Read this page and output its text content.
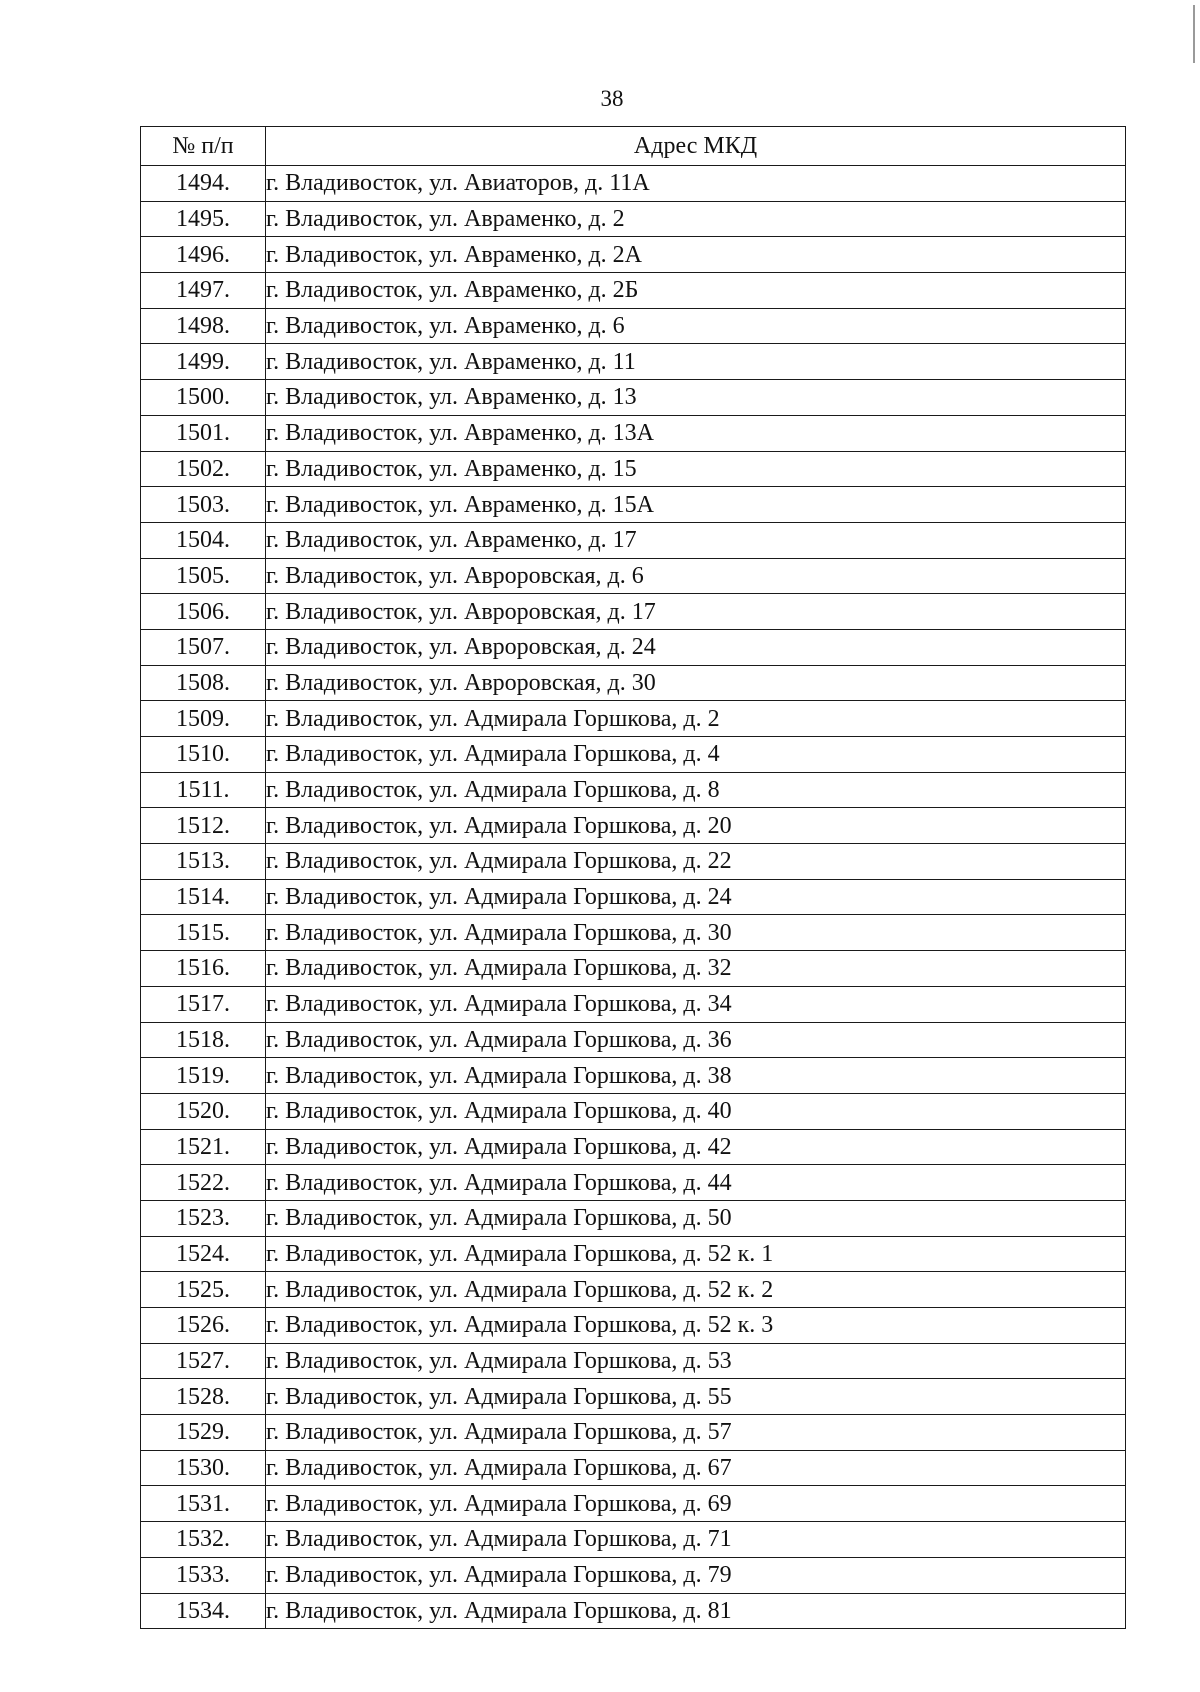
38
№ п/п	Адрес МКД
1494.	г. Владивосток, ул. Авиаторов, д. 11А
1495.	г. Владивосток, ул. Авраменко, д. 2
1496.	г. Владивосток, ул. Авраменко, д. 2А
1497.	г. Владивосток, ул. Авраменко, д. 2Б
1498.	г. Владивосток, ул. Авраменко, д. 6
1499.	г. Владивосток, ул. Авраменко, д. 11
1500.	г. Владивосток, ул. Авраменко, д. 13
1501.	г. Владивосток, ул. Авраменко, д. 13А
1502.	г. Владивосток, ул. Авраменко, д. 15
1503.	г. Владивосток, ул. Авраменко, д. 15А
1504.	г. Владивосток, ул. Авраменко, д. 17
1505.	г. Владивосток, ул. Авроровская, д. 6
1506.	г. Владивосток, ул. Авроровская, д. 17
1507.	г. Владивосток, ул. Авроровская, д. 24
1508.	г. Владивосток, ул. Авроровская, д. 30
1509.	г. Владивосток, ул. Адмирала Горшкова, д. 2
1510.	г. Владивосток, ул. Адмирала Горшкова, д. 4
1511.	г. Владивосток, ул. Адмирала Горшкова, д. 8
1512.	г. Владивосток, ул. Адмирала Горшкова, д. 20
1513.	г. Владивосток, ул. Адмирала Горшкова, д. 22
1514.	г. Владивосток, ул. Адмирала Горшкова, д. 24
1515.	г. Владивосток, ул. Адмирала Горшкова, д. 30
1516.	г. Владивосток, ул. Адмирала Горшкова, д. 32
1517.	г. Владивосток, ул. Адмирала Горшкова, д. 34
1518.	г. Владивосток, ул. Адмирала Горшкова, д. 36
1519.	г. Владивосток, ул. Адмирала Горшкова, д. 38
1520.	г. Владивосток, ул. Адмирала Горшкова, д. 40
1521.	г. Владивосток, ул. Адмирала Горшкова, д. 42
1522.	г. Владивосток, ул. Адмирала Горшкова, д. 44
1523.	г. Владивосток, ул. Адмирала Горшкова, д. 50
1524.	г. Владивосток, ул. Адмирала Горшкова, д. 52 к. 1
1525.	г. Владивосток, ул. Адмирала Горшкова, д. 52 к. 2
1526.	г. Владивосток, ул. Адмирала Горшкова, д. 52 к. 3
1527.	г. Владивосток, ул. Адмирала Горшкова, д. 53
1528.	г. Владивосток, ул. Адмирала Горшкова, д. 55
1529.	г. Владивосток, ул. Адмирала Горшкова, д. 57
1530.	г. Владивосток, ул. Адмирала Горшкова, д. 67
1531.	г. Владивосток, ул. Адмирала Горшкова, д. 69
1532.	г. Владивосток, ул. Адмирала Горшкова, д. 71
1533.	г. Владивосток, ул. Адмирала Горшкова, д. 79
1534.	г. Владивосток, ул. Адмирала Горшкова, д. 81
